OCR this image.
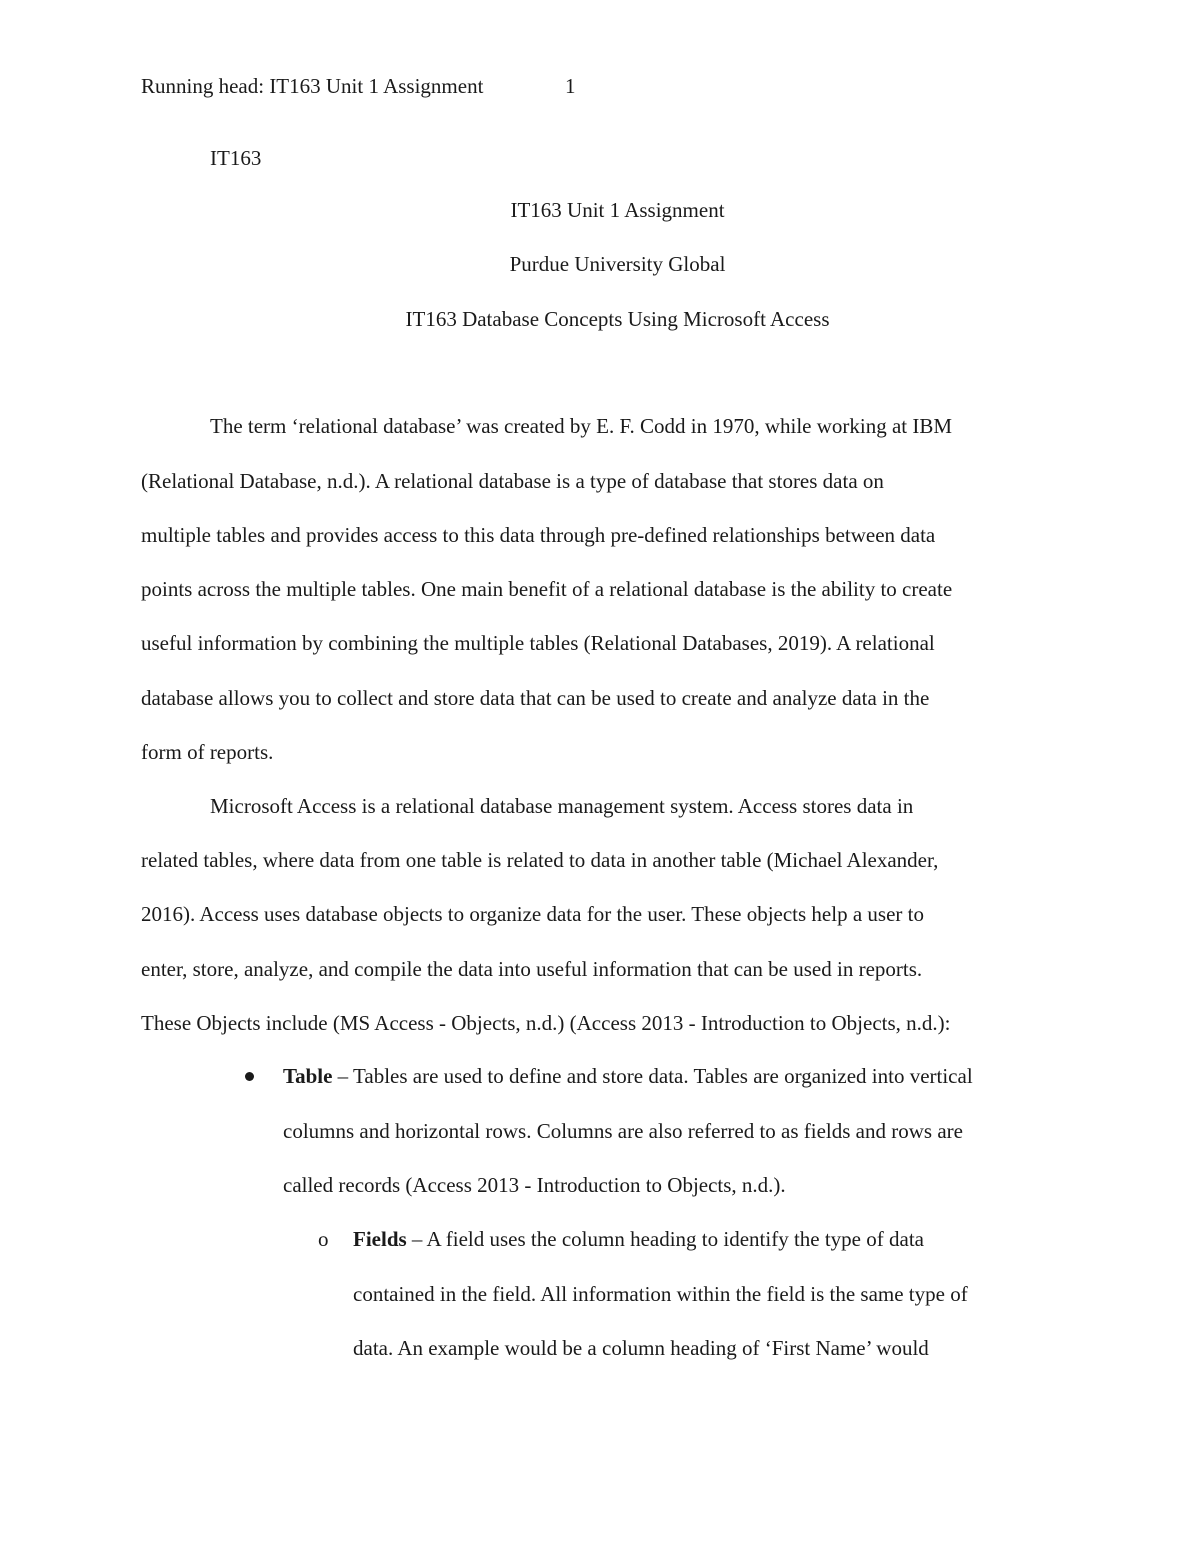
Running head: IT163 Unit 1 Assignment	1
IT163
IT163 Unit 1 Assignment
Purdue University Global
IT163 Database Concepts Using Microsoft Access
The term ‘relational database’ was created by E. F. Codd in 1970, while working at IBM
(Relational Database, n.d.). A relational database is a type of database that stores data on
multiple tables and provides access to this data through pre-defined relationships between data
points across the multiple tables. One main benefit of a relational database is the ability to create
useful information by combining the multiple tables (Relational Databases, 2019). A relational
database allows you to collect and store data that can be used to create and analyze data in the
form of reports.
Microsoft Access is a relational database management system. Access stores data in
related tables, where data from one table is related to data in another table (Michael Alexander,
2016). Access uses database objects to organize data for the user. These objects help a user to
enter, store, analyze, and compile the data into useful information that can be used in reports.
These Objects include (MS Access - Objects, n.d.) (Access 2013 - Introduction to Objects, n.d.):
Table – Tables are used to define and store data. Tables are organized into vertical
columns and horizontal rows. Columns are also referred to as fields and rows are
called records (Access 2013 - Introduction to Objects, n.d.).
o Fields – A field uses the column heading to identify the type of data
contained in the field. All information within the field is the same type of
data. An example would be a column heading of ‘First Name’ would
